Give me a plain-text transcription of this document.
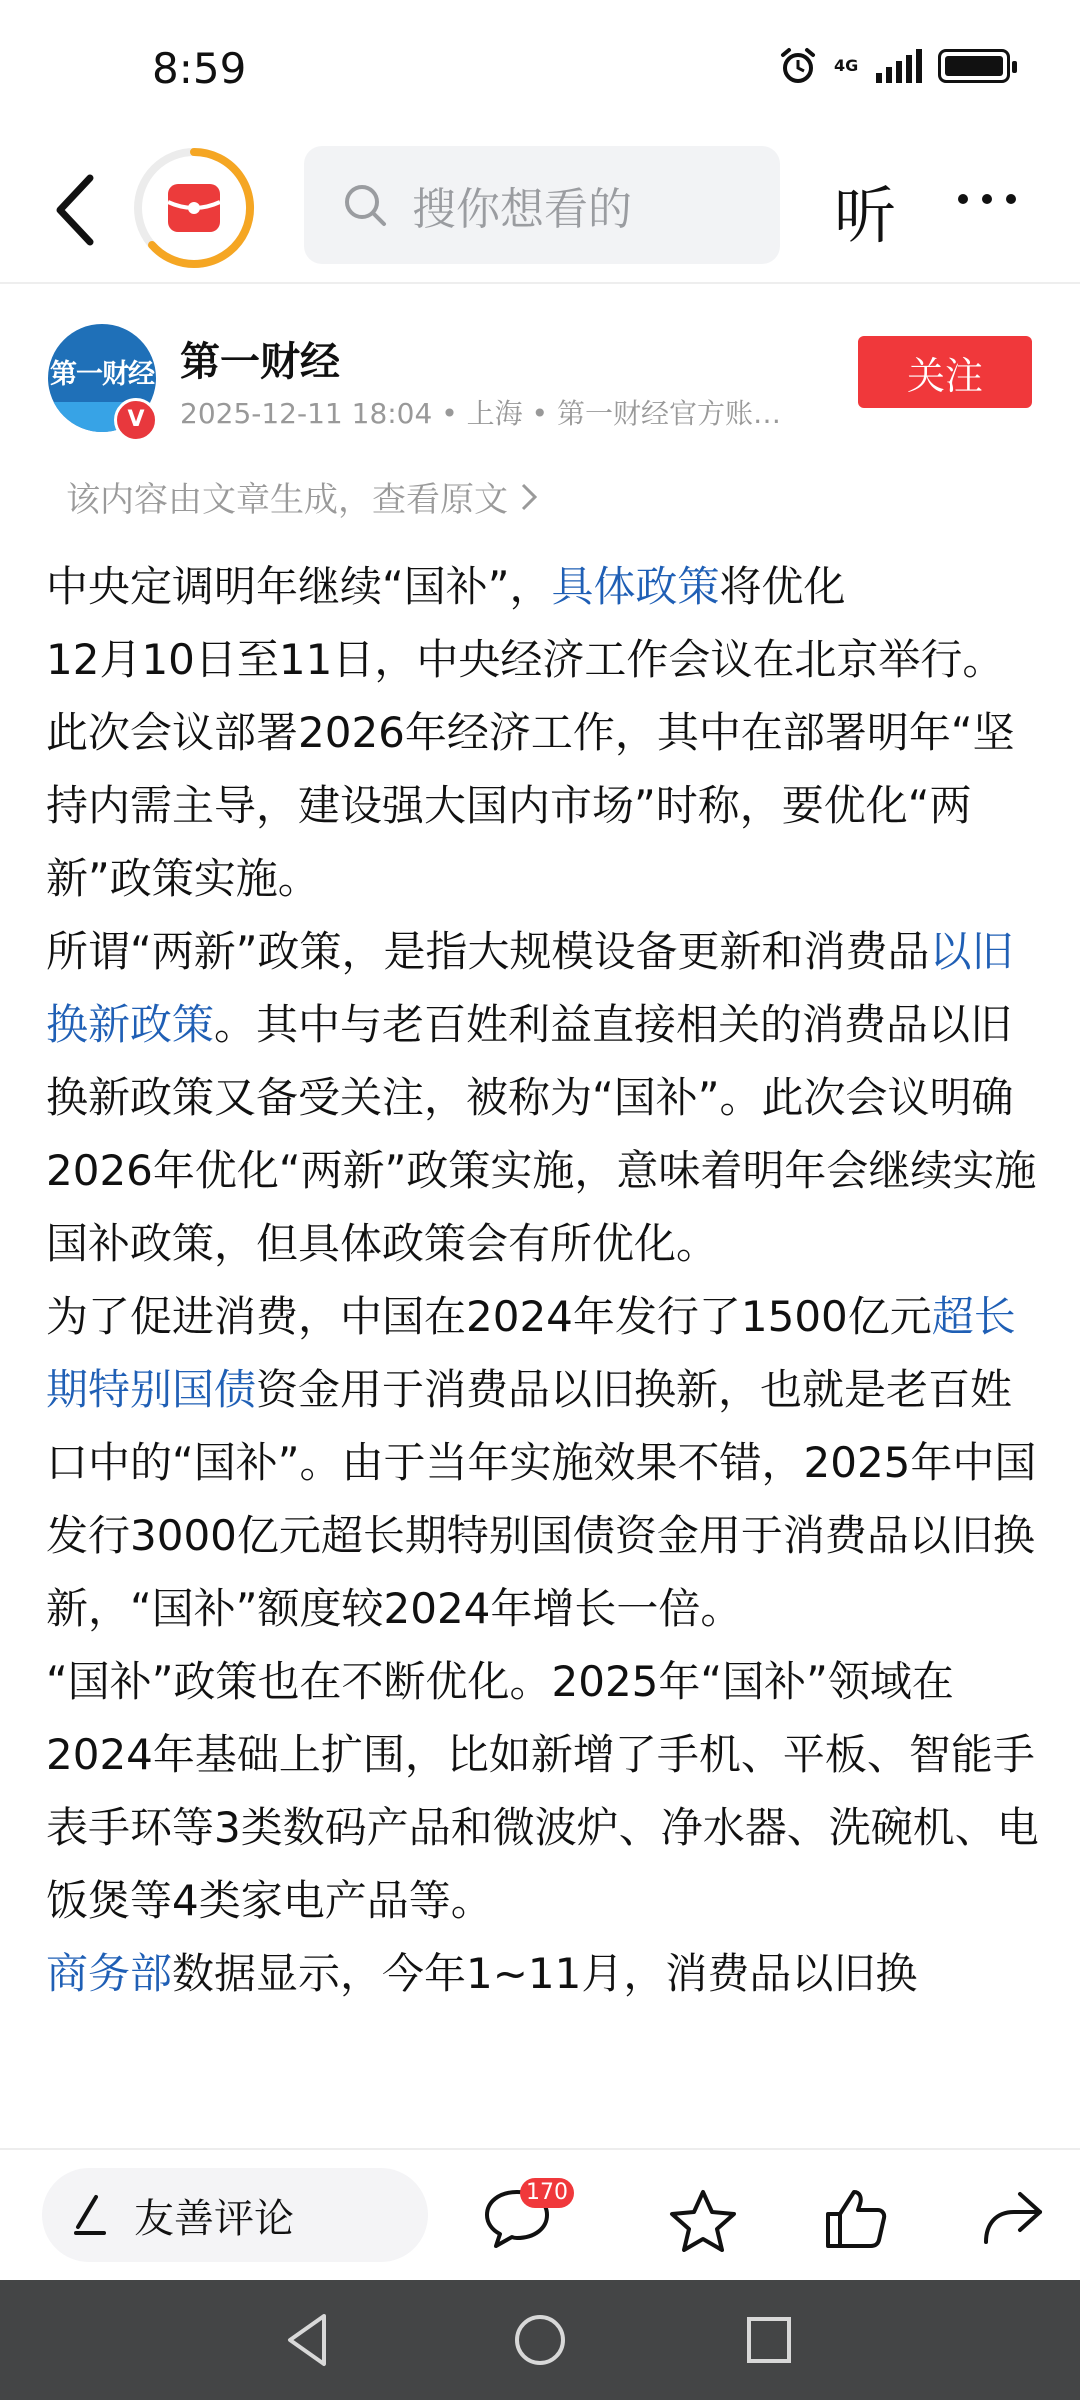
8:59	4G
搜你想看的	听
第一财经
V
第一财经
2025-12-11 18:04 • 上海 • 第一财经官方账…
关注
该内容由文章生成，查看原文

中央定调明年继续“国补”，具体政策将优化

12月10日至11日，中央经济工作会议在北京举行。此次会议部署2026年经济工作，其中在部署明年“坚持内需主导，建设强大国内市场”时称，要优化“两新”政策实施。

所谓“两新”政策，是指大规模设备更新和消费品以旧换新政策。其中与老百姓利益直接相关的消费品以旧换新政策又备受关注，被称为“国补”。此次会议明确2026年优化“两新”政策实施，意味着明年会继续实施国补政策，但具体政策会有所优化。

为了促进消费，中国在2024年发行了1500亿元超长期特别国债资金用于消费品以旧换新，也就是老百姓口中的“国补”。由于当年实施效果不错，2025年中国发行3000亿元超长期特别国债资金用于消费品以旧换新，“国补”额度较2024年增长一倍。

“国补”政策也在不断优化。2025年“国补”领域在2024年基础上扩围，比如新增了手机、平板、智能手表手环等3类数码产品和微波炉、净水器、洗碗机、电饭煲等4类家电产品等。

商务部数据显示，今年1~11月，消费品以旧换

友善评论
170
